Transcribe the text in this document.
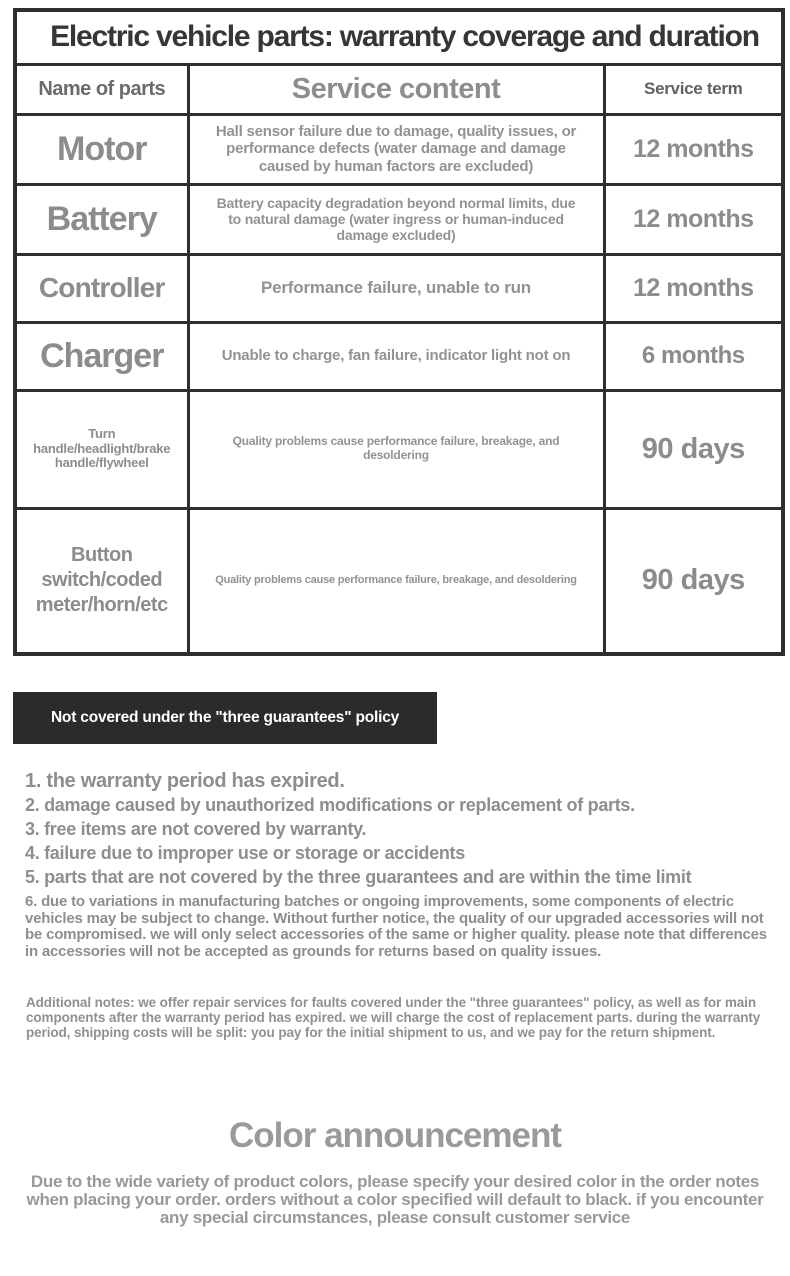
Electric vehicle parts: warranty coverage and duration		
Name of parts	Service content	Service term
Motor	Hall sensor failure due to damage, quality issues, or performance defects (water damage and damage caused by human factors are excluded)	12 months
Battery	Battery capacity degradation beyond normal limits, due to natural damage (water ingress or human-induced damage excluded)	12 months
Controller	Performance failure, unable to run	12 months
Charger	Unable to charge, fan failure, indicator light not on	6 months
Turn handle/headlight/brake handle/flywheel	Quality problems cause performance failure, breakage, and desoldering	90 days
Button switch/coded meter/horn/etc	Quality problems cause performance failure, breakage, and desoldering	90 days
Not covered under the "three guarantees" policy

1. the warranty period has expired.

2. damage caused by unauthorized modifications or replacement of parts.

3. free items are not covered by warranty.

4. failure due to improper use or storage or accidents

5. parts that are not covered by the three guarantees and are within the time limit

6. due to variations in manufacturing batches or ongoing improvements, some components of electric vehicles may be subject to change. Without further notice, the quality of our upgraded accessories will not be compromised. we will only select accessories of the same or higher quality. please note that differences in accessories will not be accepted as grounds for returns based on quality issues.

Additional notes: we offer repair services for faults covered under the "three guarantees" policy, as well as for main components after the warranty period has expired. we will charge the cost of replacement parts. during the warranty period, shipping costs will be split: you pay for the initial shipment to us, and we pay for the return shipment.

Color announcement

Due to the wide variety of product colors, please specify your desired color in the order notes when placing your order. orders without a color specified will default to black. if you encounter any special circumstances, please consult customer service
